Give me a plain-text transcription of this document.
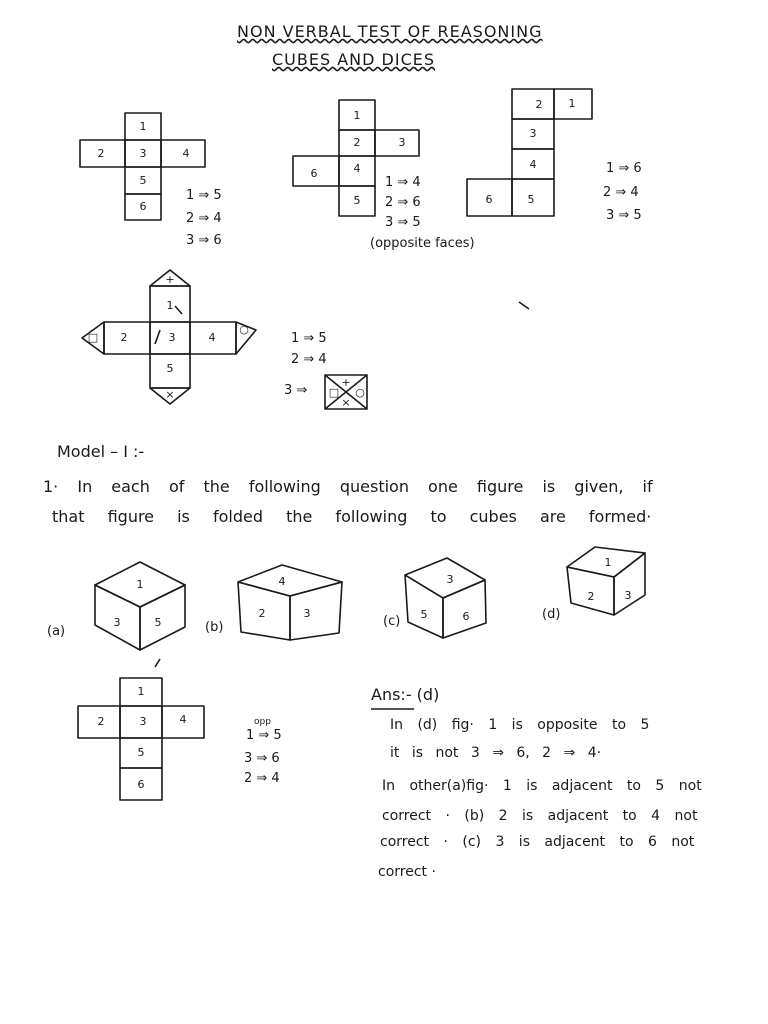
NON VERBAL TEST OF REASONING
CUBES AND DICES
1
2	3	4
5
6
1
2	3
6	4
5
2 1
3
4
6	5
+
1
2	3	4
5
×
□
○
+
□ ○
×
1
3	5
4
2	3
3
5	6
1
2	3
1
2	3	4
5
6
1 ⇒ 5
2 ⇒ 4
3 ⇒ 6
1 ⇒ 4
2 ⇒ 6
3 ⇒ 5
(opposite faces)
1 ⇒ 6
2 ⇒ 4
3 ⇒ 5
1 ⇒ 5
2 ⇒ 4
3 ⇒
Model – I :-
1· In each of the following question one figure is given, if
that figure is folded the following to cubes are formed·
(a)	(b)	(c)	(d)
opp
1 ⇒ 5
3 ⇒ 6
2 ⇒ 4
Ans:- (d)
In (d) fig· 1 is opposite to 5
it is not 3 ⇒ 6, 2 ⇒ 4·
In other(a)fig· 1 is adjacent to 5 not
correct · (b) 2 is adjacent to 4 not
correct · (c) 3 is adjacent to 6 not
correct ·
